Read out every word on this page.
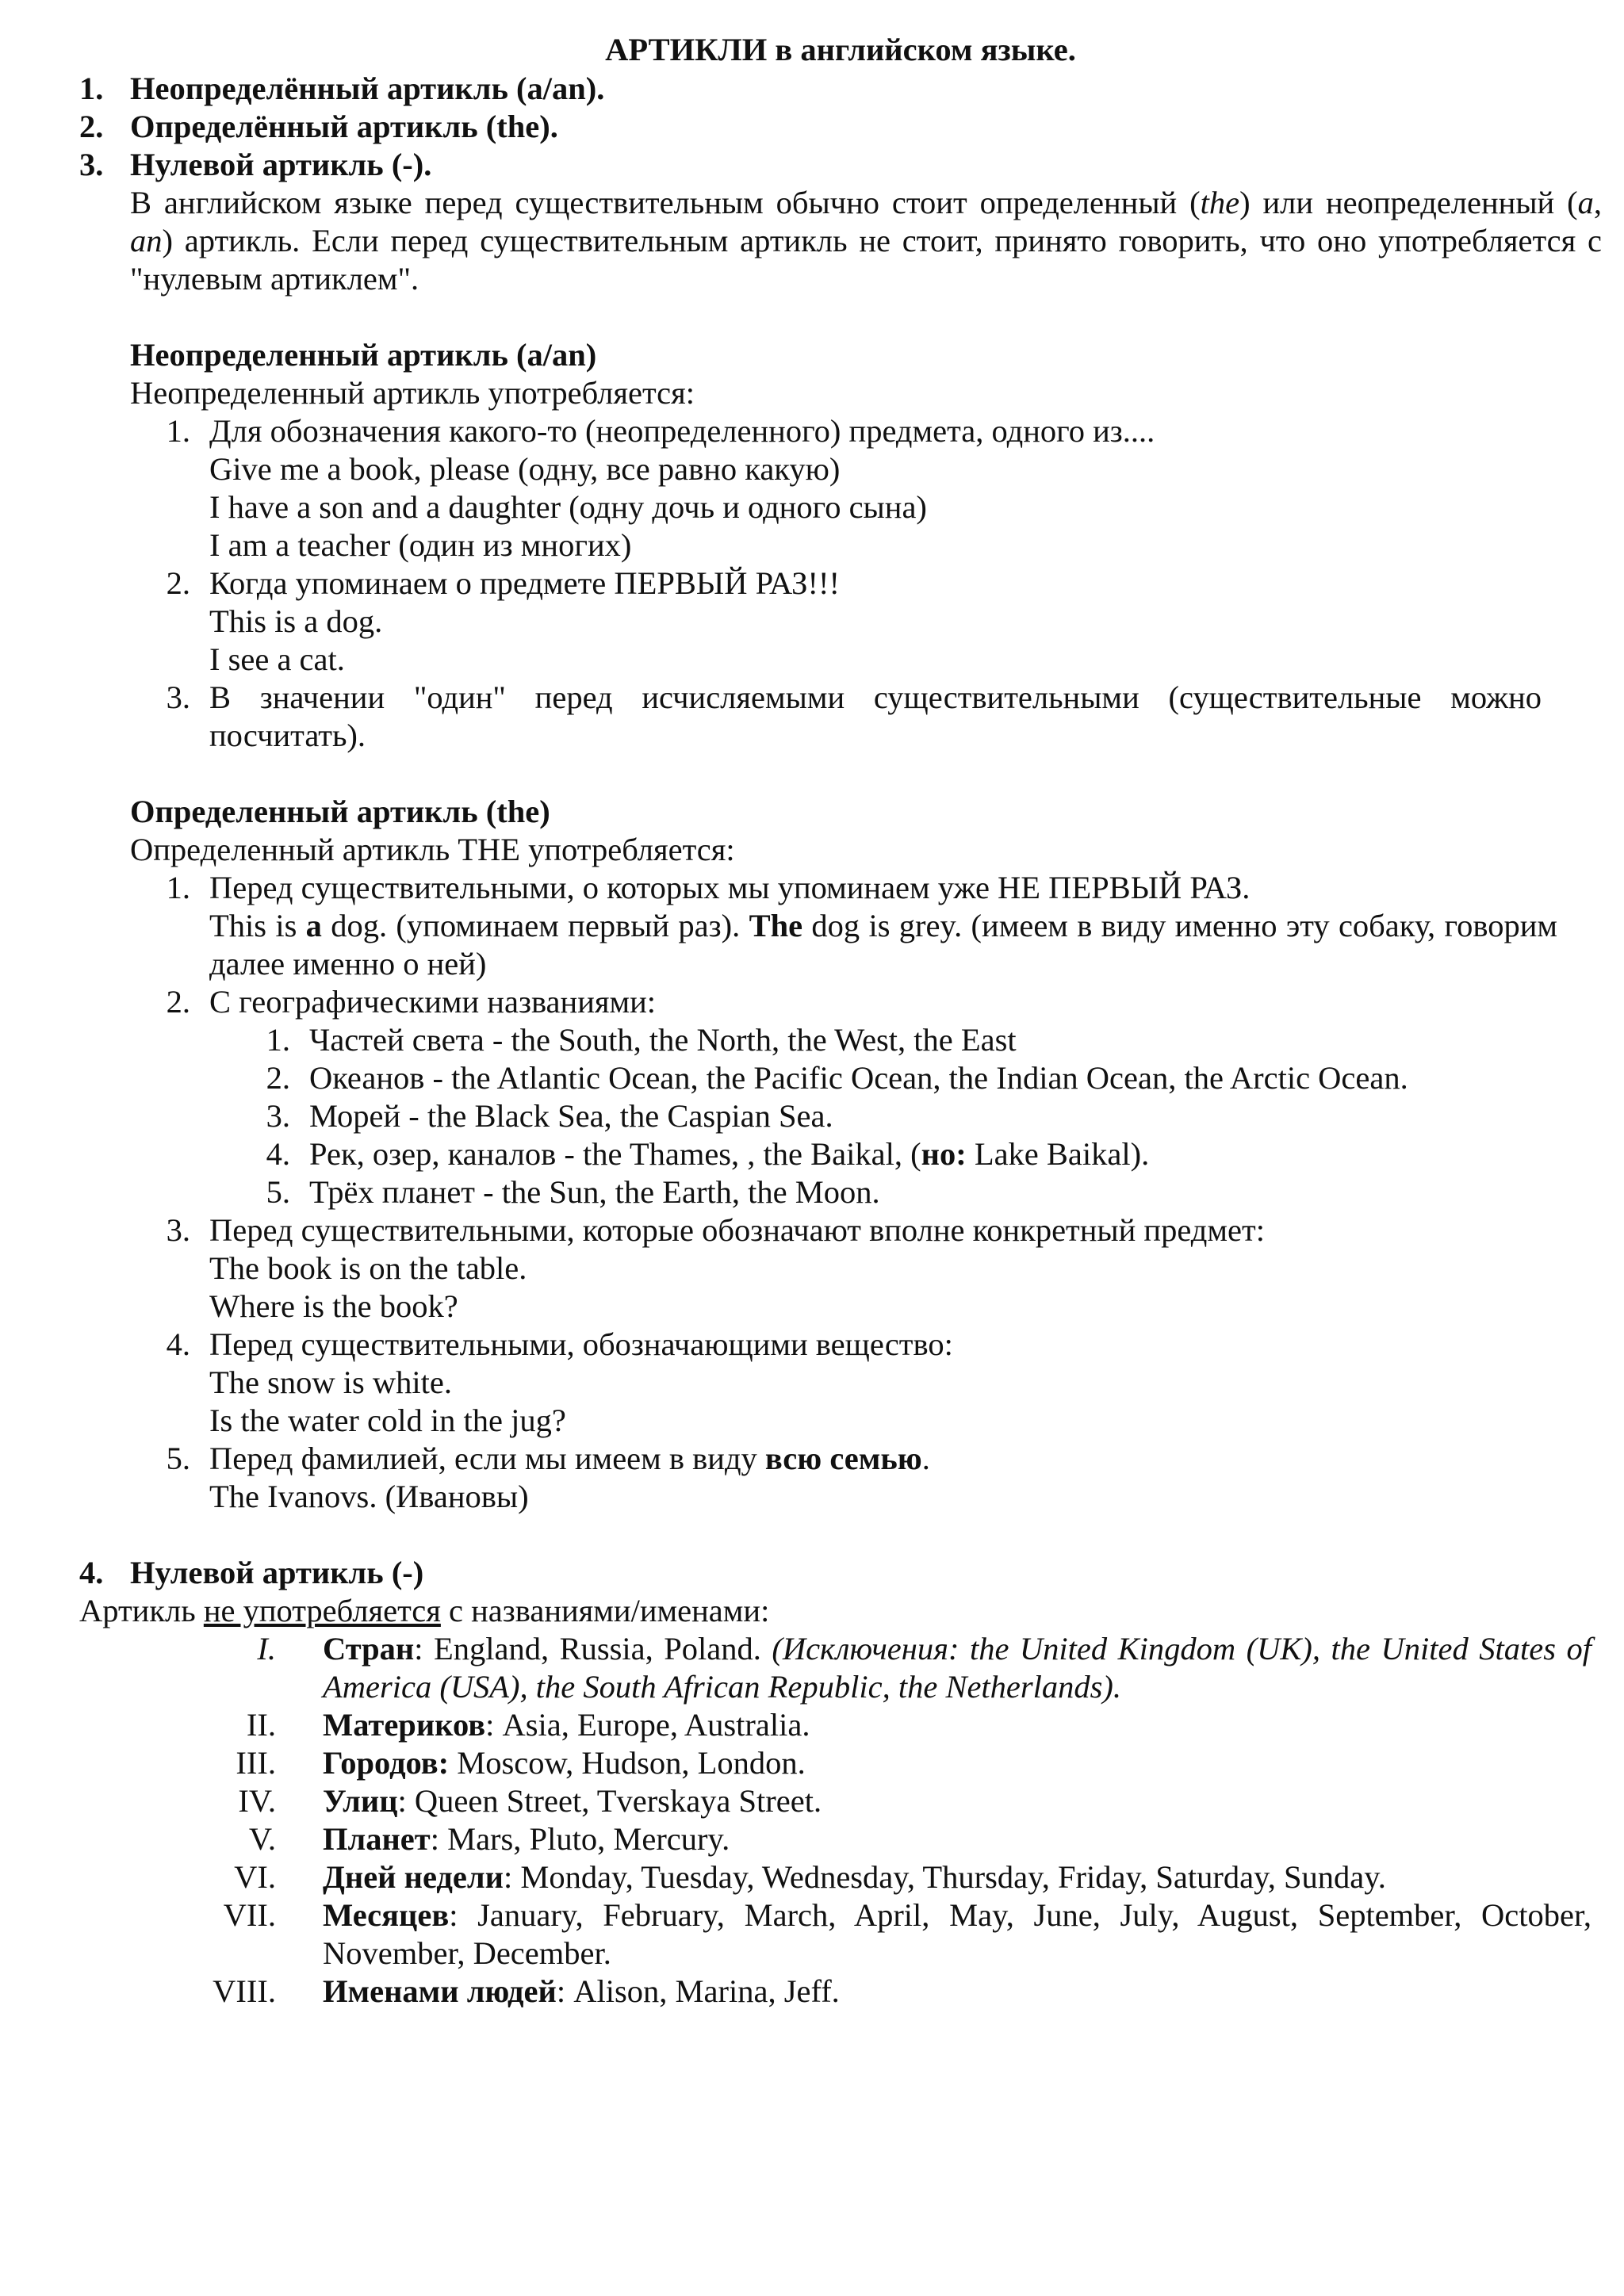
АРТИКЛИ в английском языке.
1. Неопределённый артикль (a/an).
2. Определённый артикль (the).
3. Нулевой артикль (-).
В английском языке перед существительным обычно стоит определенный (the) или неопределенный (a, an) артикль. Если перед существительным артикль не стоит, принято говорить, что оно употребляется с "нулевым артиклем".
Неопределенный артикль (a/an)
Неопределенный артикль употребляется:
1. Для обозначения какого-то (неопределенного) предмета, одного из....
Give me a book, please (одну, все равно какую)
I have a son and a daughter (одну дочь и одного сына)
I am a teacher (один из многих)
2. Когда упоминаем о предмете ПЕРВЫЙ РАЗ!!!
This is a dog.
I see a cat.
3. В значении "один" перед исчисляемыми существительными (существительные можно посчитать).
Определенный артикль (the)
Определенный артикль THE употребляется:
1. Перед существительными, о которых мы упоминаем уже НЕ ПЕРВЫЙ РАЗ.
This is a dog. (упоминаем первый раз). The dog is grey. (имеем в виду именно эту собаку, говорим далее именно о ней)
2. С географическими названиями:
1. Частей света - the South, the North, the West, the East
2. Океанов - the Atlantic Ocean, the Pacific Ocean, the Indian Ocean, the Arctic Ocean.
3. Морей - the Black Sea, the Caspian Sea.
4. Рек, озер, каналов - the Thames, , the Baikal, (но: Lake Baikal).
5. Трёх планет - the Sun, the Earth, the Moon.
3. Перед существительными, которые обозначают вполне конкретный предмет:
The book is on the table.
Where is the book?
4. Перед существительными, обозначающими вещество:
The snow is white.
Is the water cold in the jug?
5. Перед фамилией, если мы имеем в виду всю семью.
The Ivanovs. (Ивановы)
4. Нулевой артикль (-)
Артикль не употребляется с названиями/именами:
I.	Стран: England, Russia, Poland. (Исключения: the United Kingdom (UK), the United States of America (USA), the South African Republic, the Netherlands).
II.	Материков: Asia, Europe, Australia.
III.	Городов: Moscow, Hudson, London.
IV.	Улиц: Queen Street, Tverskaya Street.
V.	Планет: Mars, Pluto, Mercury.
VI.	Дней недели: Monday, Tuesday, Wednesday, Thursday, Friday, Saturday, Sunday.
VII.	Месяцев: January, February, March, April, May, June, July, August, September, October, November, December.
VIII.	Именами людей: Alison, Marina, Jeff.
